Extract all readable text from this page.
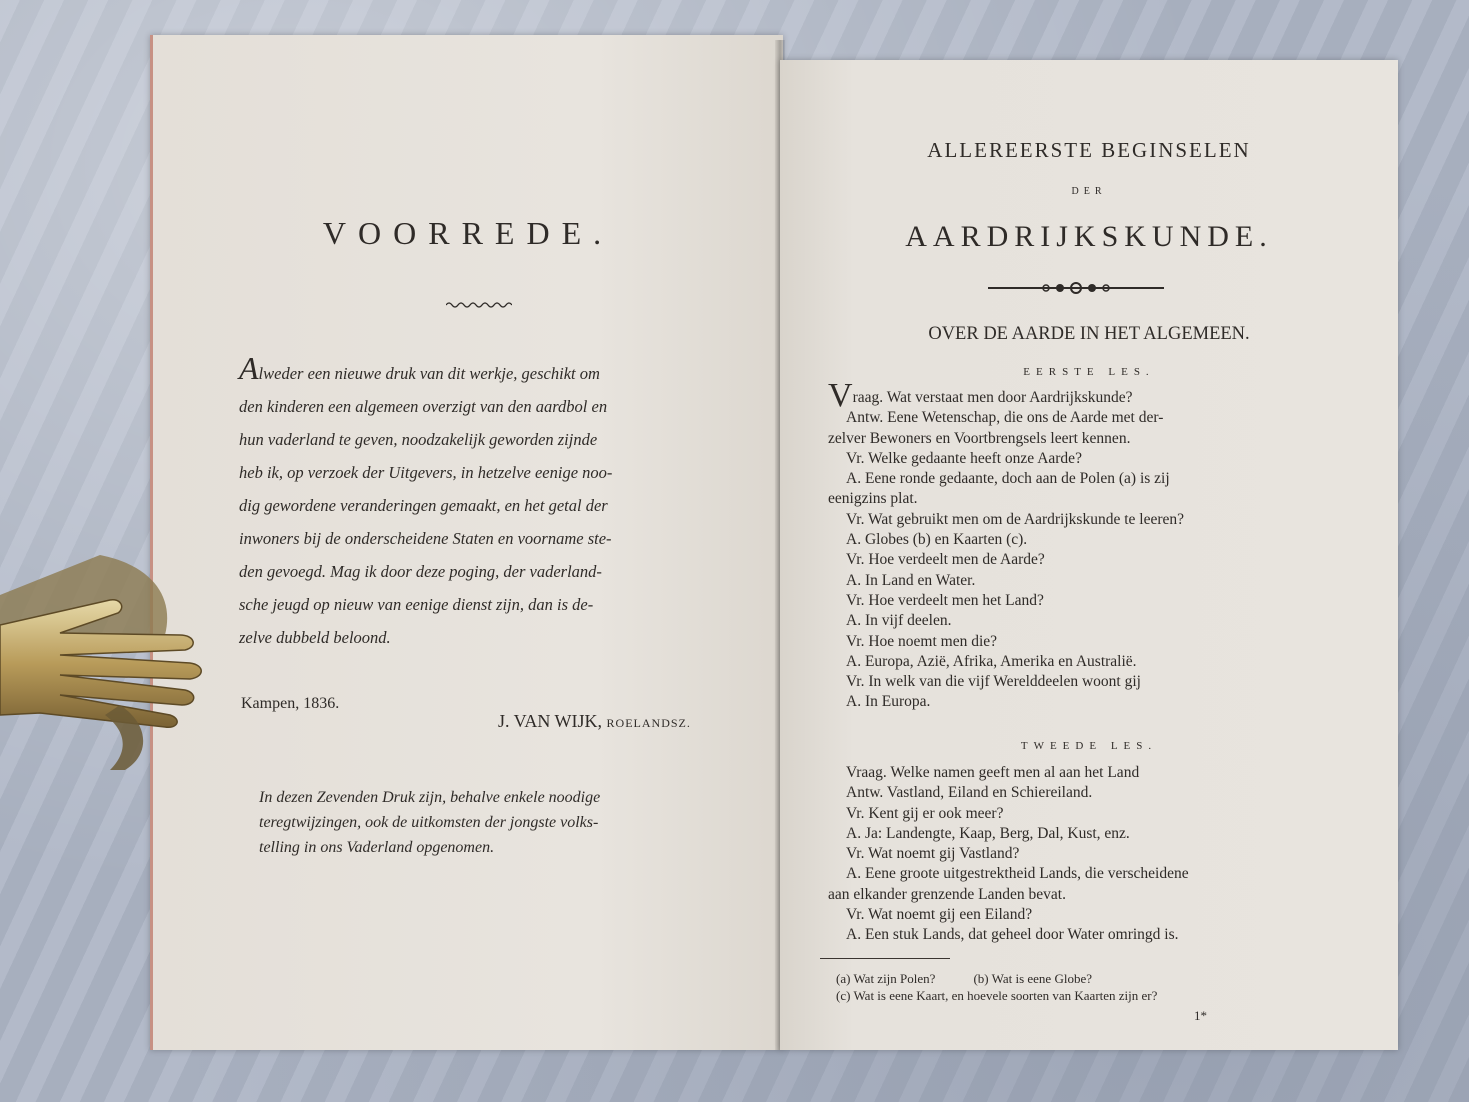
VOORREDE.
Alweder een nieuwe druk van dit werkje, geschikt om
den kinderen een algemeen overzigt van den aardbol en
hun vaderland te geven, noodzakelijk geworden zijnde
heb ik, op verzoek der Uitgevers, in hetzelve eenige noo-
dig gewordene veranderingen gemaakt, en het getal der
inwoners bij de onderscheidene Staten en voorname ste-
den gevoegd. Mag ik door deze poging, der vaderland-
sche jeugd op nieuw van eenige dienst zijn, dan is de-
zelve dubbeld beloond.
Kampen, 1836.
J. VAN WIJK, ROELANDSZ.
In dezen Zevenden Druk zijn, behalve enkele noodige
teregtwijzingen, ook de uitkomsten der jongste volks-
telling in ons Vaderland opgenomen.
ALLEREERSTE BEGINSELEN
DER
AARDRIJKSKUNDE.
OVER DE AARDE IN HET ALGEMEEN.
EERSTE LES.
Vraag. Wat verstaat men door Aardrijkskunde?
Antw. Eene Wetenschap, die ons de Aarde met der-
zelver Bewoners en Voortbrengsels leert kennen.
Vr. Welke gedaante heeft onze Aarde?
A. Eene ronde gedaante, doch aan de Polen (a) is zij
eenigzins plat.
Vr. Wat gebruikt men om de Aardrijkskunde te leeren?
A. Globes (b) en Kaarten (c).
Vr. Hoe verdeelt men de Aarde?
A. In Land en Water.
Vr. Hoe verdeelt men het Land?
A. In vijf deelen.
Vr. Hoe noemt men die?
A. Europa, Azië, Afrika, Amerika en Australië.
Vr. In welk van die vijf Werelddeelen woont gij
A. In Europa.
TWEEDE LES.
Vraag. Welke namen geeft men al aan het Land
Antw. Vastland, Eiland en Schiereiland.
Vr. Kent gij er ook meer?
A. Ja: Landengte, Kaap, Berg, Dal, Kust, enz.
Vr. Wat noemt gij Vastland?
A. Eene groote uitgestrektheid Lands, die verscheidene
aan elkander grenzende Landen bevat.
Vr. Wat noemt gij een Eiland?
A. Een stuk Lands, dat geheel door Water omringd is.
(a) Wat zijn Polen?	(b) Wat is eene Globe?
(c) Wat is eene Kaart, en hoevele soorten van Kaarten zijn er?
1*
